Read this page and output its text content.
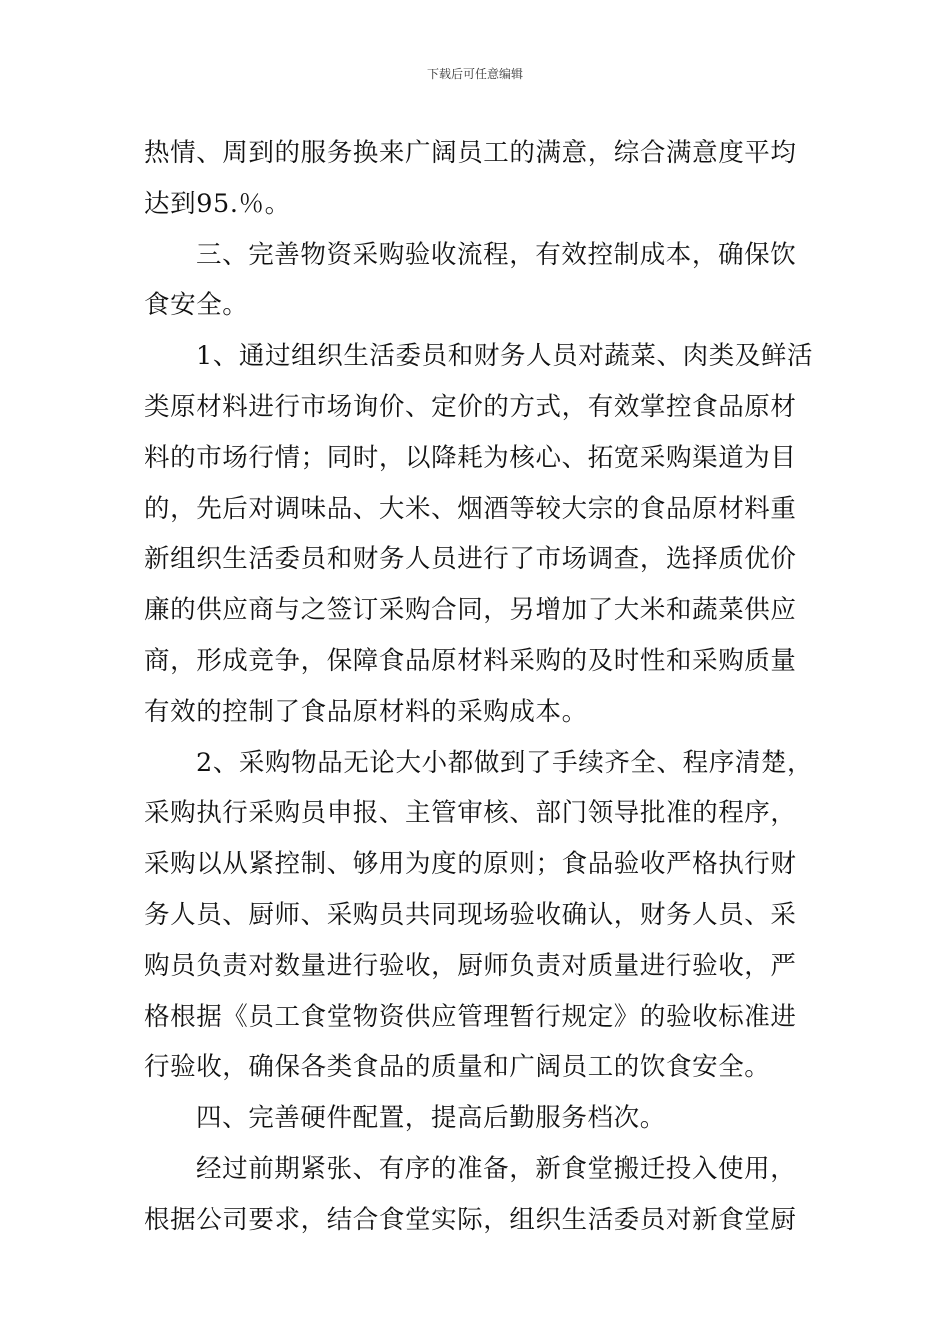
下载后可任意编辑

热情、周到的服务换来广阔员工的满意，综合满意度平均
达到95.％。

三、完善物资采购验收流程，有效控制成本，确保饮
食安全。

1、通过组织生活委员和财务人员对蔬菜、肉类及鲜活
类原材料进行市场询价、定价的方式，有效掌控食品原材
料的市场行情；同时，以降耗为核心、拓宽采购渠道为目
的，先后对调味品、大米、烟酒等较大宗的食品原材料重
新组织生活委员和财务人员进行了市场调查，选择质优价
廉的供应商与之签订采购合同，另增加了大米和蔬菜供应
商，形成竞争，保障食品原材料采购的及时性和采购质量
有效的控制了食品原材料的采购成本。

2、采购物品无论大小都做到了手续齐全、程序清楚，
采购执行采购员申报、主管审核、部门领导批准的程序，
采购以从紧控制、够用为度的原则；食品验收严格执行财
务人员、厨师、采购员共同现场验收确认，财务人员、采
购员负责对数量进行验收，厨师负责对质量进行验收，严
格根据《员工食堂物资供应管理暂行规定》的验收标准进
行验收，确保各类食品的质量和广阔员工的饮食安全。

四、完善硬件配置，提高后勤服务档次。

经过前期紧张、有序的准备，新食堂搬迁投入使用，
根据公司要求，结合食堂实际，组织生活委员对新食堂厨
